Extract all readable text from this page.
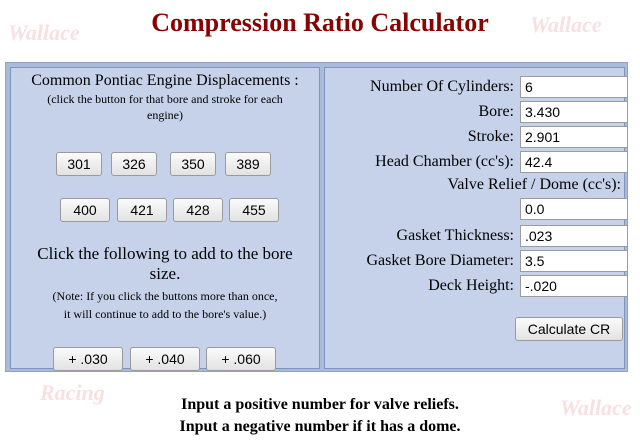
Wallace
Wallace
Racing
Wallace
Compression Ratio Calculator
Common Pontiac Engine Displacements :
(click the button for that bore and stroke for each
engine)
301	326	350	389
400	421	428	455
Click the following to add to the bore
size.
(Note: If you click the buttons more than once,
it will continue to add to the bore's value.)
+ .030	+ .040	+ .060
Number Of Cylinders:
6
Bore:
3.430
Stroke:
2.901
Head Chamber (cc's):
42.4
Valve Relief / Dome (cc's):
0.0
Gasket Thickness:
.023
Gasket Bore Diameter:
3.5
Deck Height:
-.020
Calculate CR
Input a positive number for valve reliefs.
Input a negative number if it has a dome.
